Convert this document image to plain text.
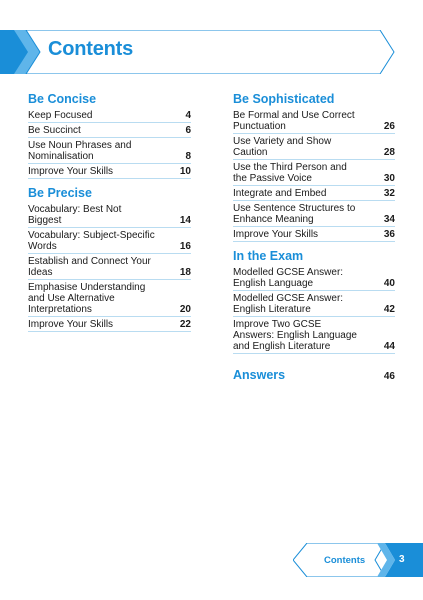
Contents
Be Concise
Keep Focused	4
Be Succinct	6
Use Noun Phrases and Nominalisation	8
Improve Your Skills	10
Be Precise
Vocabulary: Best Not Biggest	14
Vocabulary: Subject-Specific Words	16
Establish and Connect Your Ideas	18
Emphasise Understanding and Use Alternative Interpretations	20
Improve Your Skills	22
Be Sophisticated
Be Formal and Use Correct Punctuation	26
Use Variety and Show Caution	28
Use the Third Person and the Passive Voice	30
Integrate and Embed	32
Use Sentence Structures to Enhance Meaning	34
Improve Your Skills	36
In the Exam
Modelled GCSE Answer: English Language	40
Modelled GCSE Answer: English Literature	42
Improve Two GCSE Answers: English Language and English Literature	44
Answers	46
Contents	3
